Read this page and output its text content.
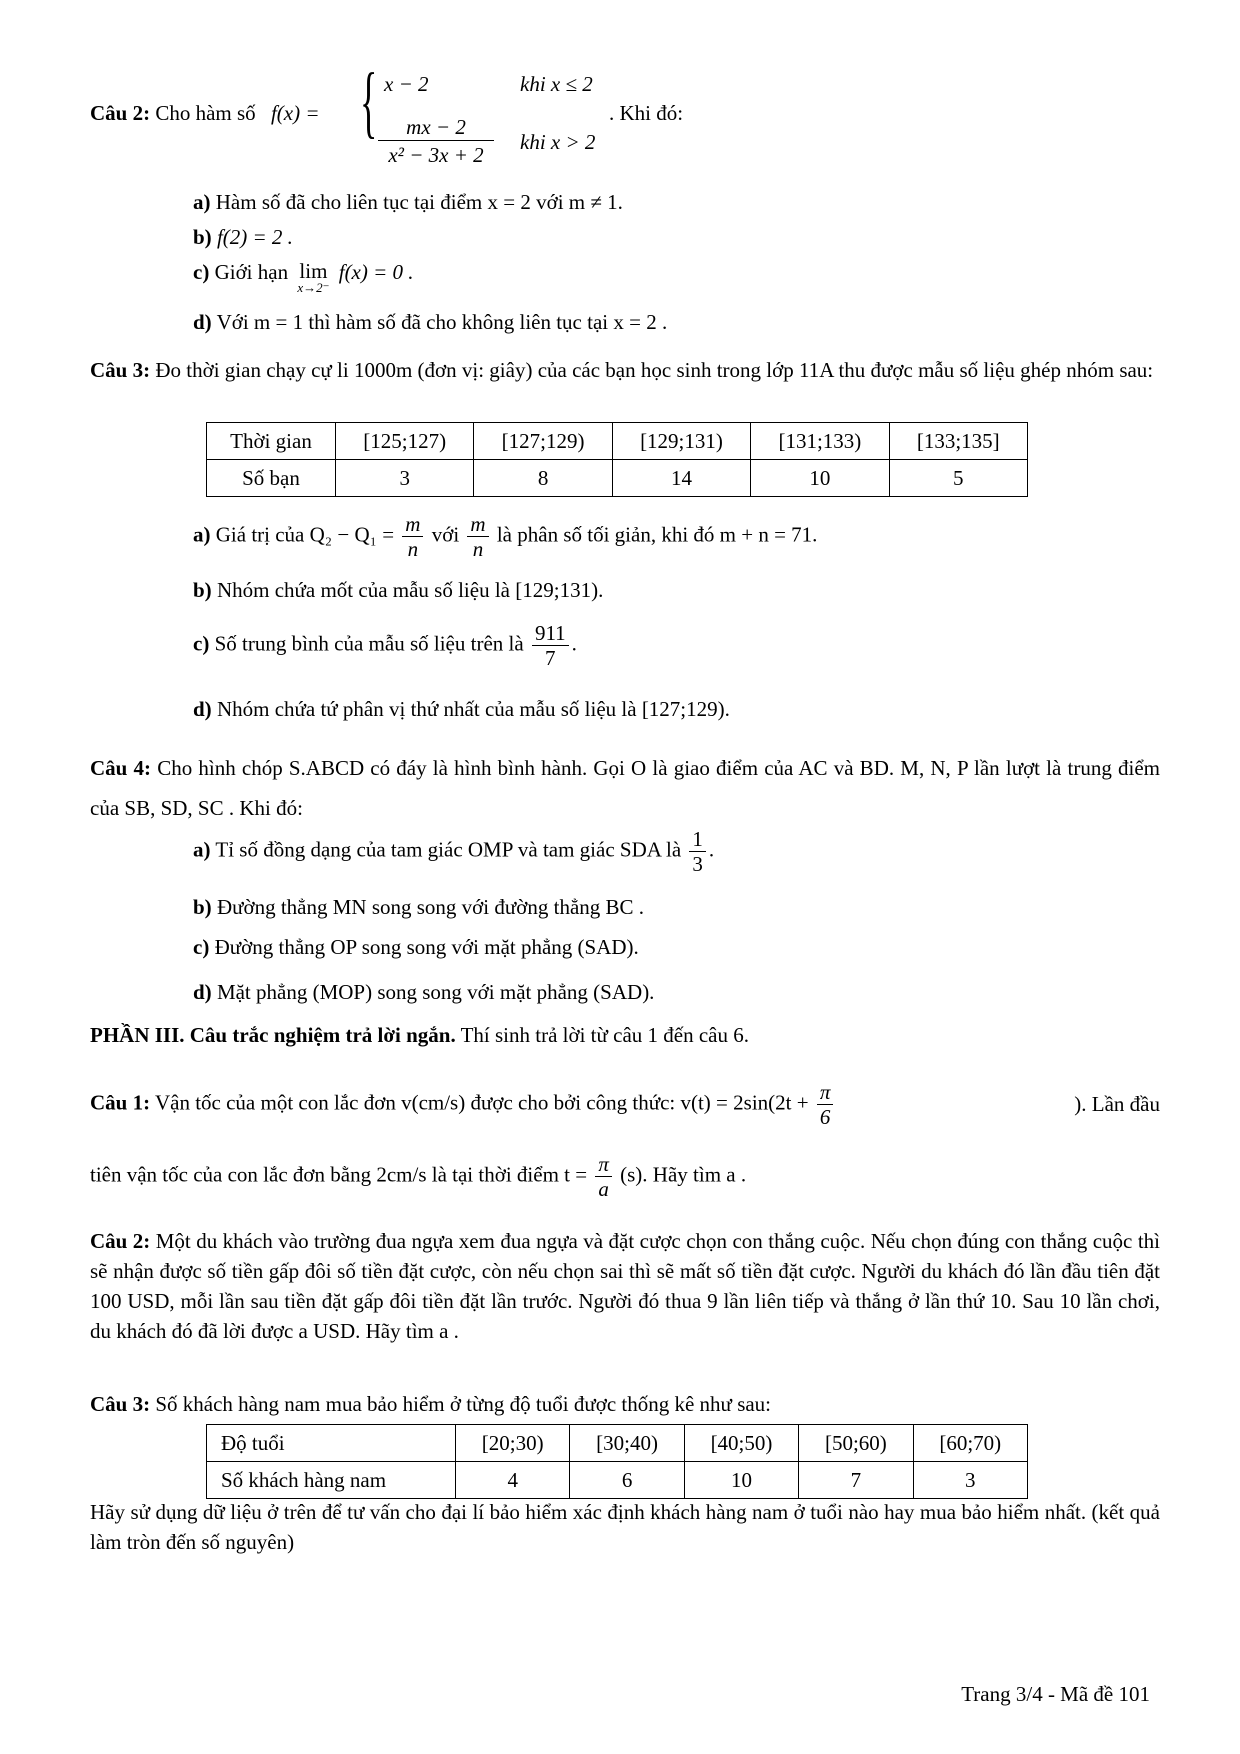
Câu 2: Cho hàm số f(x) = { x − 2	khi x ≤ 2
$\frac{mx - 2}{\text{x² − 3x + 2}}$ khi x > 2
. Khi đó:
a) Hàm số đã cho liên tục tại điểm x = 2 với m ≠ 1.
b) f(2) = 2 .
c) Giới hạn lim
x→2⁻
f(x) = 0 .
d) Với m = 1 thì hàm số đã cho không liên tục tại x = 2 .
Câu 3: Đo thời gian chạy cự li 1000m (đơn vị: giây) của các bạn học sinh trong lớp 11A thu được mẫu số liệu ghép nhóm sau:
Thời gian	[125;127)	[127;129)	[129;131)	[131;133)	[133;135]
Số bạn	3	8	14	10	5
a) Giá trị của $Q_2 - Q_1 = \frac{m}{n}$ với $\frac{m}{n}$ là phân số tối giản, khi đó m + n = 71.
b) Nhóm chứa mốt của mẫu số liệu là [129;131).
c) Số trung bình của mẫu số liệu trên là $\frac{911}{7}$ .
d) Nhóm chứa tứ phân vị thứ nhất của mẫu số liệu là [127;129).
Câu 4: Cho hình chóp S.ABCD có đáy là hình bình hành. Gọi O là giao điểm của AC và BD. M, N, P lần lượt là trung điểm của SB, SD, SC . Khi đó:
a) Tỉ số đồng dạng của tam giác OMP và tam giác SDA là $\frac{1}{3}$ .
b) Đường thẳng MN song song với đường thẳng BC .
c) Đường thẳng OP song song với mặt phẳng (SAD).
d) Mặt phẳng (MOP) song song với mặt phẳng (SAD).
PHẦN III. Câu trắc nghiệm trả lời ngắn. Thí sinh trả lời từ câu 1 đến câu 6.
Câu 1: Vận tốc của một con lắc đơn v(cm/s) được cho bởi công thức: $v(t) = 2\sin(2t + \frac{\pi}{6}$	). Lần đầu
tiên vận tốc của con lắc đơn bằng 2cm/s là tại thời điểm $t = \frac{\pi}{a} (s)$. Hãy tìm a .
Câu 2: Một du khách vào trường đua ngựa xem đua ngựa và đặt cược chọn con thắng cuộc. Nếu chọn đúng con thắng cuộc thì sẽ nhận được số tiền gấp đôi số tiền đặt cược, còn nếu chọn sai thì sẽ mất số tiền đặt cược. Người du khách đó lần đầu tiên đặt 100 USD, mỗi lần sau tiền đặt gấp đôi tiền đặt lần trước. Người đó thua 9 lần liên tiếp và thắng ở lần thứ 10. Sau 10 lần chơi, du khách đó đã lời được a USD. Hãy tìm a .
Câu 3: Số khách hàng nam mua bảo hiểm ở từng độ tuổi được thống kê như sau:
Độ tuổi	[20;30)	[30;40)	[40;50)	[50;60)	[60;70)
Số khách hàng nam	4	6	10	7	3
Hãy sử dụng dữ liệu ở trên để tư vấn cho đại lí bảo hiểm xác định khách hàng nam ở tuổi nào hay mua bảo hiểm nhất. (kết quả làm tròn đến số nguyên)
Trang 3/4 - Mã đề 101
